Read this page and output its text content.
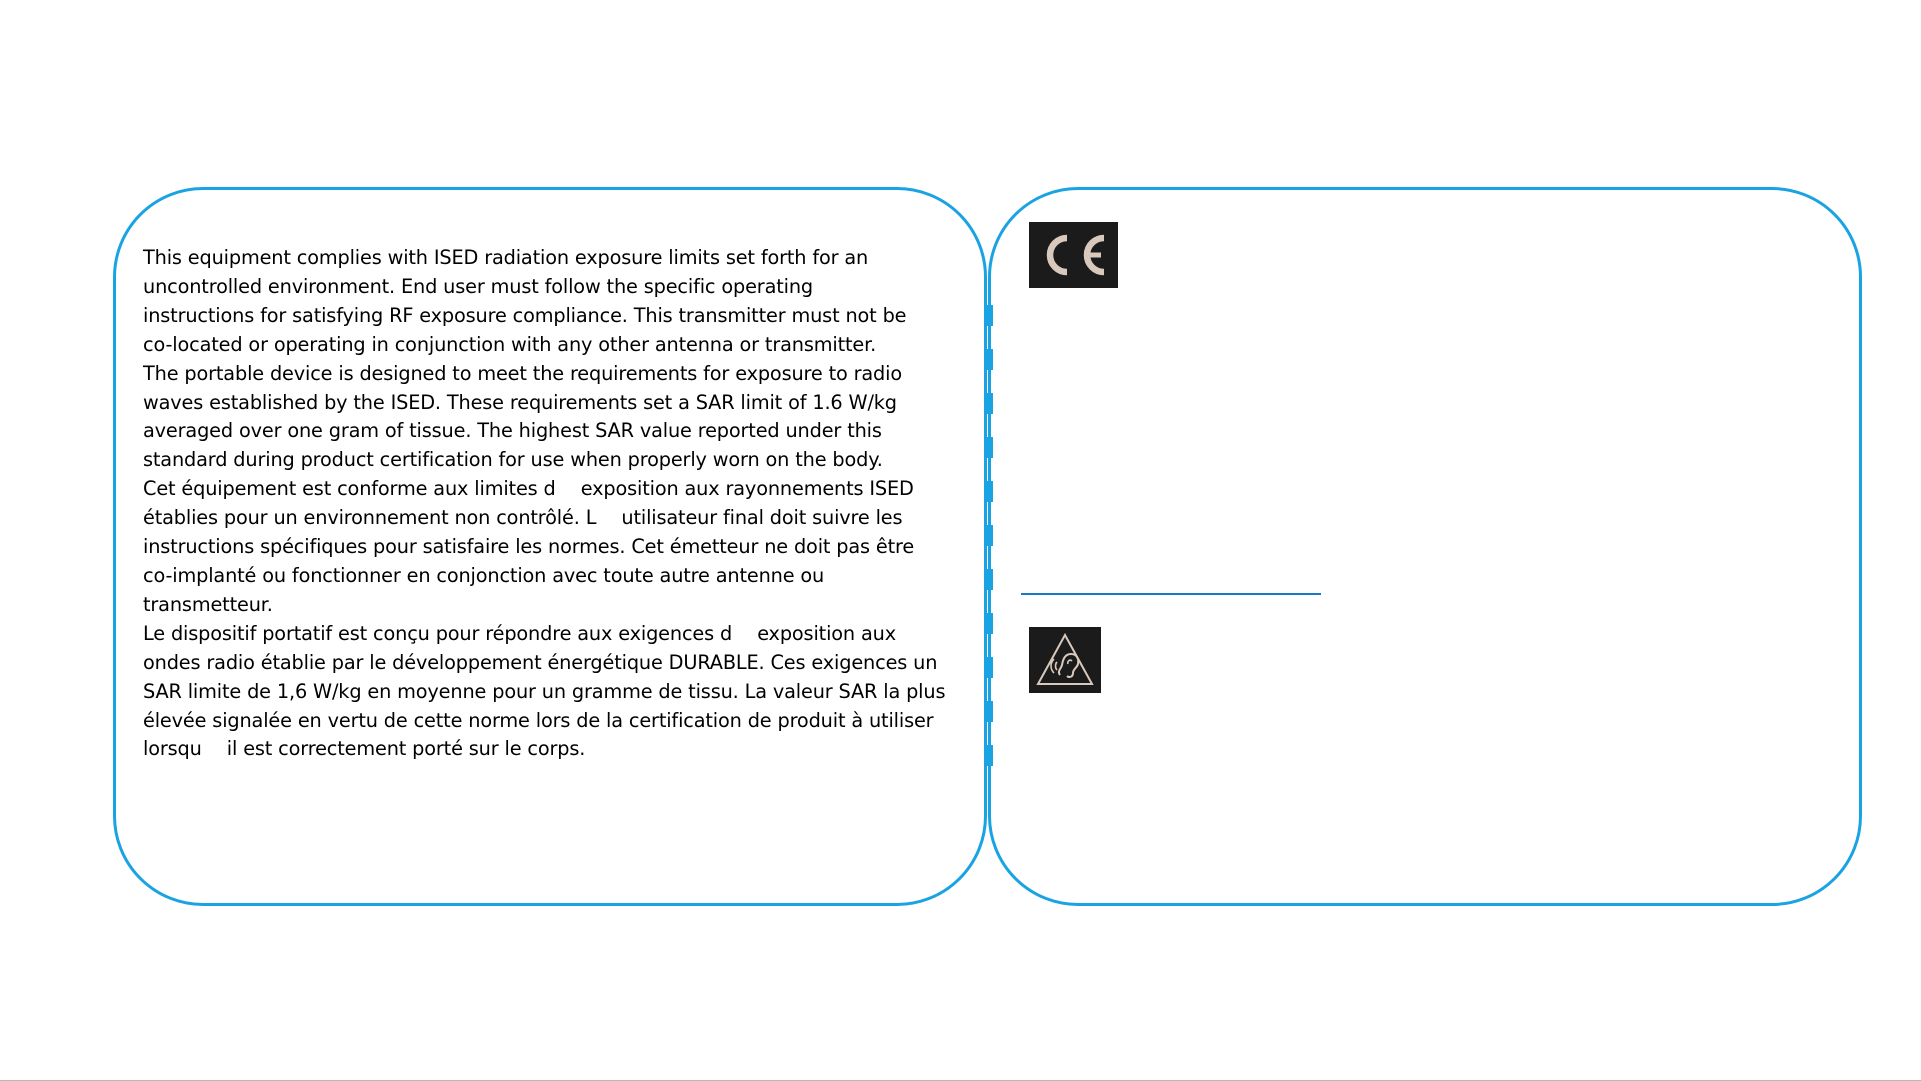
This equipment complies with ISED radiation exposure limits set forth for an
uncontrolled environment. End user must follow the specific operating
instructions for satisfying RF exposure compliance. This transmitter must not be
co-located or operating in conjunction with any other antenna or transmitter.
The portable device is designed to meet the requirements for exposure to radio
waves established by the ISED. These requirements set a SAR limit of 1.6 W/kg
averaged over one gram of tissue. The highest SAR value reported under this
standard during product certification for use when properly worn on the body.
Cet équipement est conforme aux limites d  exposition aux rayonnements ISED
établies pour un environnement non contrôlé. L  utilisateur final doit suivre les
instructions spécifiques pour satisfaire les normes. Cet émetteur ne doit pas être
co-implanté ou fonctionner en conjonction avec toute autre antenne ou
transmetteur.
Le dispositif portatif est conçu pour répondre aux exigences d  exposition aux
ondes radio établie par le développement énergétique DURABLE. Ces exigences un
SAR limite de 1,6 W/kg en moyenne pour un gramme de tissu. La valeur SAR la plus
élevée signalée en vertu de cette norme lors de la certification de produit à utiliser
lorsqu  il est correctement porté sur le corps.
